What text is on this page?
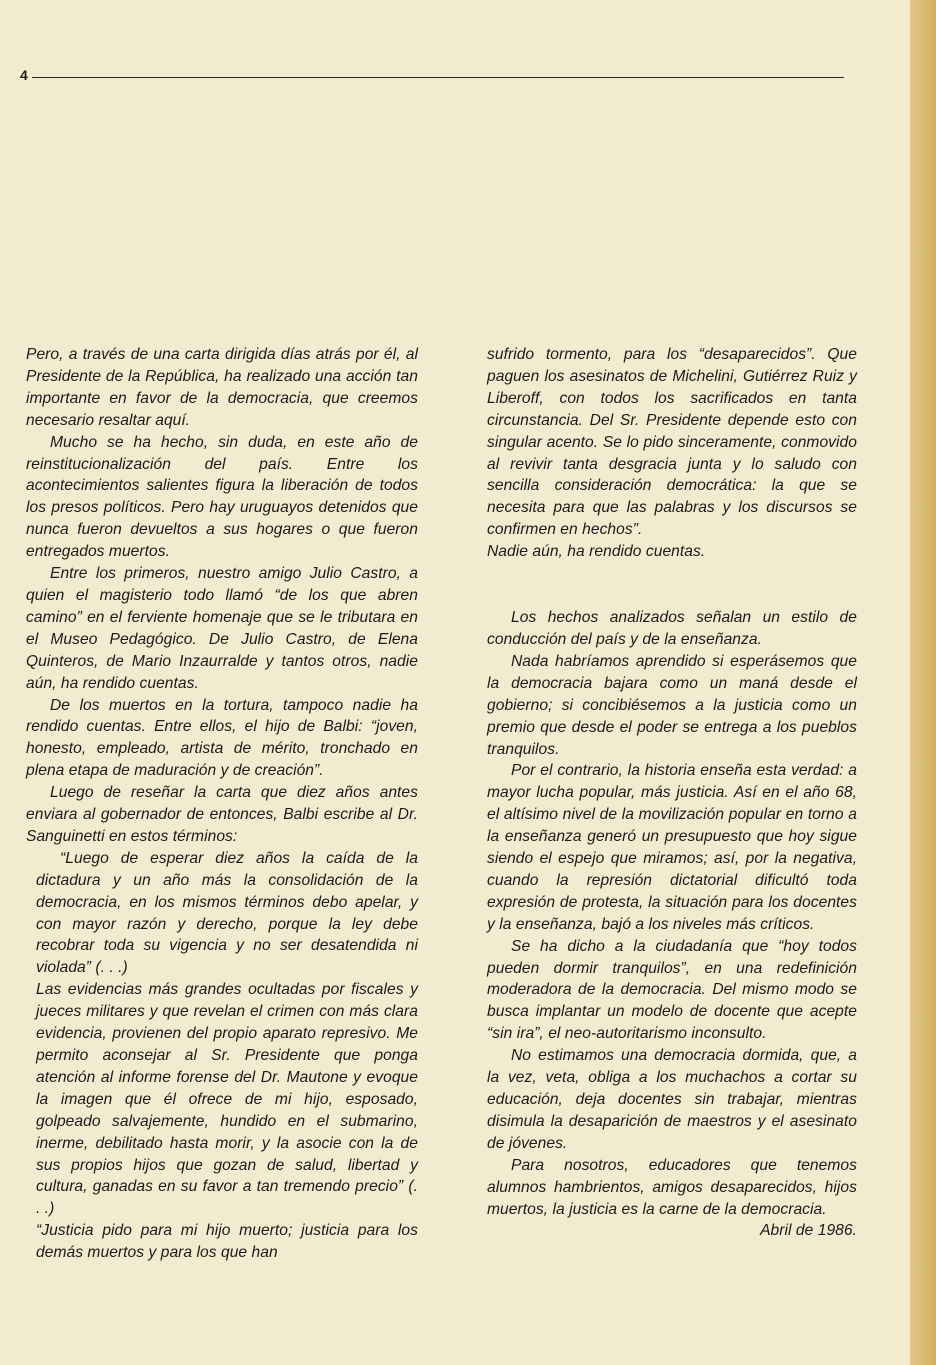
4

Pero, a través de una carta dirigida días atrás por él, al Presidente de la República, ha realizado una acción tan importante en favor de la democracia, que creemos necesario resaltar aquí.

Mucho se ha hecho, sin duda, en este año de reinstitucionalización del país. Entre los acontecimientos salientes figura la liberación de todos los presos políticos. Pero hay uruguayos detenidos que nunca fueron devueltos a sus hogares o que fueron entregados muertos.

Entre los primeros, nuestro amigo Julio Castro, a quien el magisterio todo llamó “de los que abren camino” en el ferviente homenaje que se le tributara en el Museo Pedagógico. De Julio Castro, de Elena Quinteros, de Mario Inzaurralde y tantos otros, nadie aún, ha rendido cuentas.

De los muertos en la tortura, tampoco nadie ha rendido cuentas. Entre ellos, el hijo de Balbi: “joven, honesto, empleado, artista de mérito, tronchado en plena etapa de maduración y de creación”.

Luego de reseñar la carta que diez años antes enviara al gobernador de entonces, Balbi escribe al Dr. Sanguinetti en estos términos:

“Luego de esperar diez años la caída de la dictadura y un año más la consolidación de la democracia, en los mismos términos debo apelar, y con mayor razón y derecho, porque la ley debe recobrar toda su vigencia y no ser desatendida ni violada” (. . .)

Las evidencias más grandes ocultadas por fiscales y jueces militares y que revelan el crimen con más clara evidencia, provienen del propio aparato represivo. Me permito aconsejar al Sr. Presidente que ponga atención al informe forense del Dr. Mautone y evoque la imagen que él ofrece de mi hijo, esposado, golpeado salvajemente, hundido en el submarino, inerme, debilitado hasta morir, y la asocie con la de sus propios hijos que gozan de salud, libertad y cultura, ganadas en su favor a tan tremendo precio” (. . .)

“Justicia pido para mi hijo muerto; justicia para los demás muertos y para los que han

sufrido tormento, para los “desaparecidos”. Que paguen los asesinatos de Michelini, Gutiérrez Ruiz y Liberoff, con todos los sacrificados en tanta circunstancia. Del Sr. Presidente depende esto con singular acento. Se lo pido sinceramente, conmovido al revivir tanta desgracia junta y lo saludo con sencilla consideración democrática: la que se necesita para que las palabras y los discursos se confirmen en hechos”.

Nadie aún, ha rendido cuentas.

Los hechos analizados señalan un estilo de conducción del país y de la enseñanza.

Nada habríamos aprendido si esperásemos que la democracia bajara como un maná desde el gobierno; si concibiésemos a la justicia como un premio que desde el poder se entrega a los pueblos tranquilos.

Por el contrario, la historia enseña esta verdad: a mayor lucha popular, más justicia. Así en el año 68, el altísimo nivel de la movilización popular en torno a la enseñanza generó un presupuesto que hoy sigue siendo el espejo que miramos; así, por la negativa, cuando la represión dictatorial dificultó toda expresión de protesta, la situación para los docentes y la enseñanza, bajó a los niveles más críticos.

Se ha dicho a la ciudadanía que “hoy todos pueden dormir tranquilos”, en una redefinición moderadora de la democracia. Del mismo modo se busca implantar un modelo de docente que acepte “sin ira”, el neo-autoritarismo inconsulto.

No estimamos una democracia dormida, que, a la vez, veta, obliga a los muchachos a cortar su educación, deja docentes sin trabajar, mientras disimula la desaparición de maestros y el asesinato de jóvenes.

Para nosotros, educadores que tenemos alumnos hambrientos, amigos desaparecidos, hijos muertos, la justicia es la carne de la democracia.

Abril de 1986.
